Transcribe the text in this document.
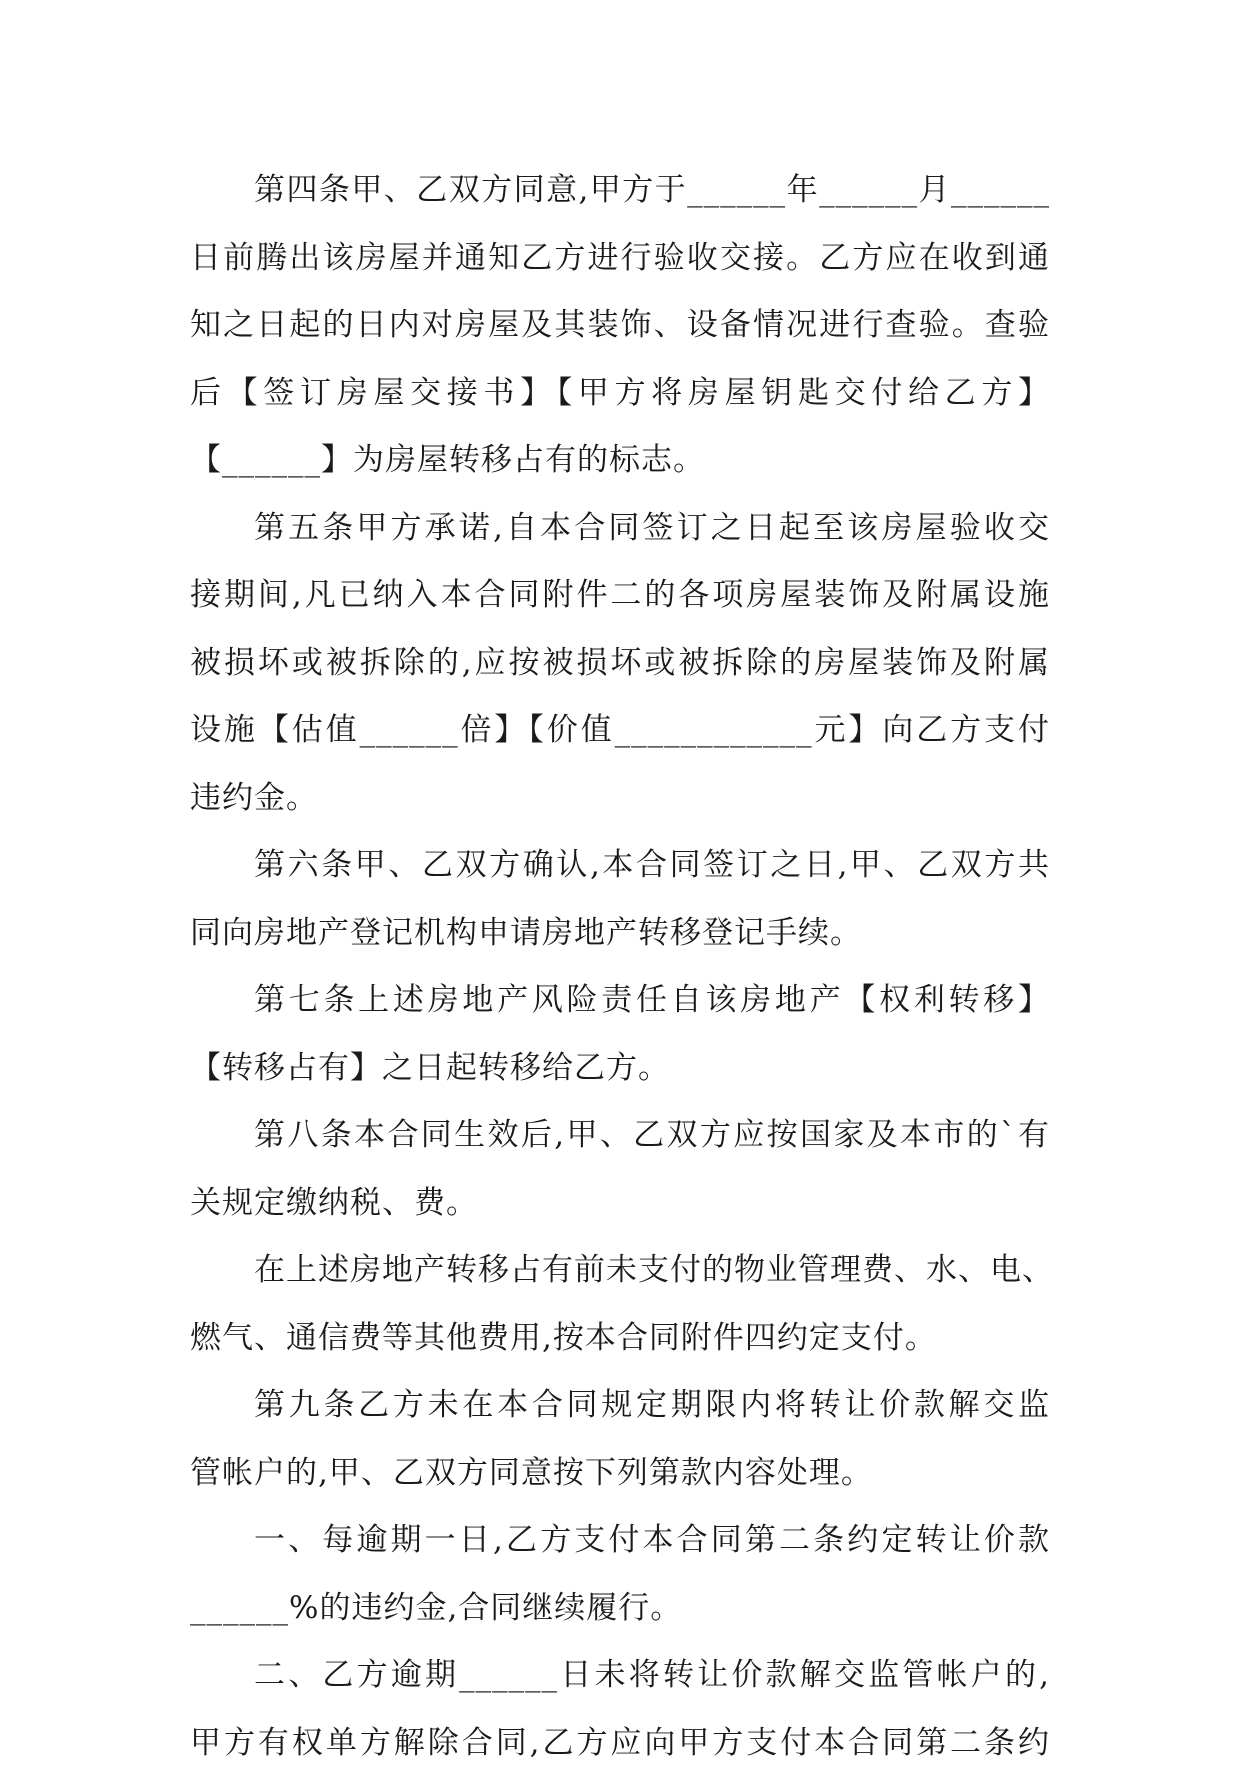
第四条甲、乙双方同意,甲方于______年______月______
日前腾出该房屋并通知乙方进行验收交接。乙方应在收到通
知之日起的日内对房屋及其装饰、设备情况进行查验。查验
后【签订房屋交接书】【甲方将房屋钥匙交付给乙方】
【______】为房屋转移占有的标志。
第五条甲方承诺,自本合同签订之日起至该房屋验收交
接期间,凡已纳入本合同附件二的各项房屋装饰及附属设施
被损坏或被拆除的,应按被损坏或被拆除的房屋装饰及附属
设施【估值______倍】【价值____________元】向乙方支付
违约金。
第六条甲、乙双方确认,本合同签订之日,甲、乙双方共
同向房地产登记机构申请房地产转移登记手续。
第七条上述房地产风险责任自该房地产【权利转移】
【转移占有】之日起转移给乙方。
第八条本合同生效后,甲、乙双方应按国家及本市的`有
关规定缴纳税、费。
在上述房地产转移占有前未支付的物业管理费、水、电、
燃气、通信费等其他费用,按本合同附件四约定支付。
第九条乙方未在本合同规定期限内将转让价款解交监
管帐户的,甲、乙双方同意按下列第款内容处理。
一、每逾期一日,乙方支付本合同第二条约定转让价款
______%的违约金,合同继续履行。
二、乙方逾期______日未将转让价款解交监管帐户的,
甲方有权单方解除合同,乙方应向甲方支付本合同第二条约
